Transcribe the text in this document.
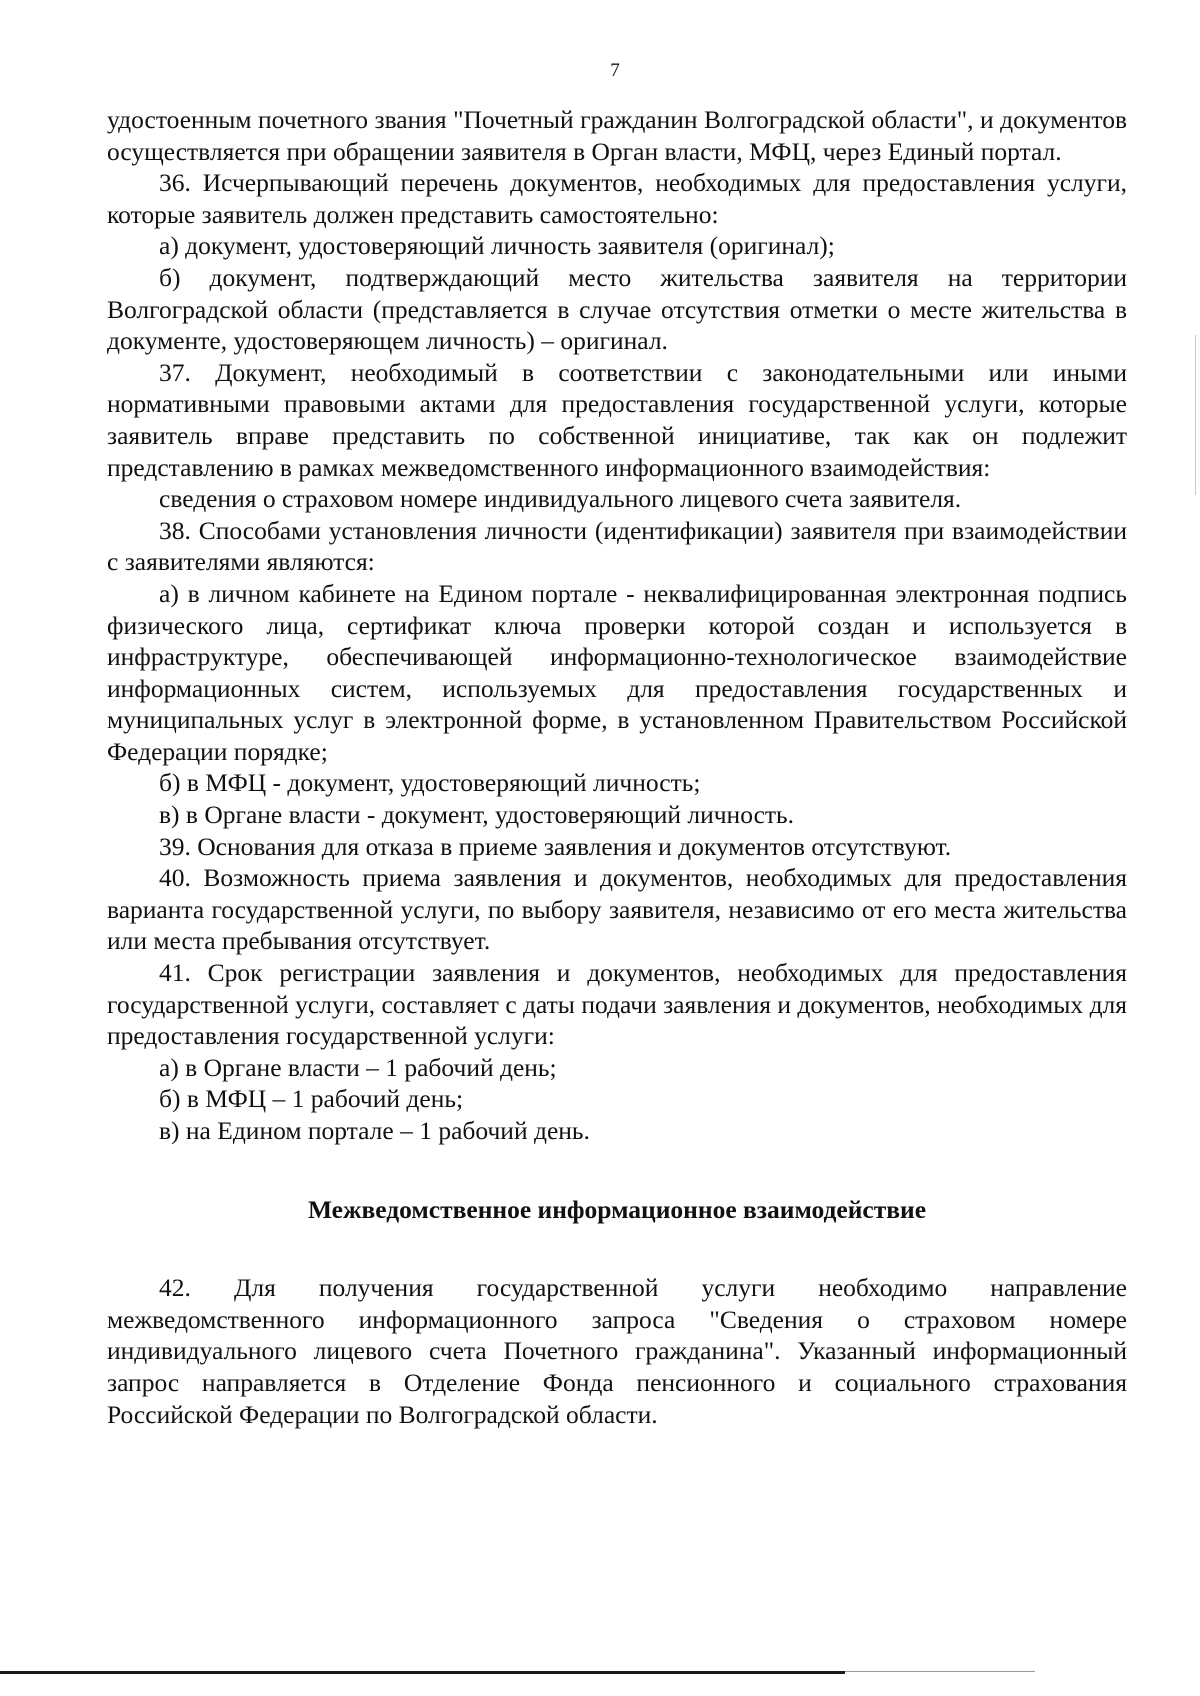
7

удостоенным почетного звания "Почетный гражданин Волгоградской области", и документов осуществляется при обращении заявителя в Орган власти, МФЦ, через Единый портал.

36. Исчерпывающий перечень документов, необходимых для предоставления услуги, которые заявитель должен представить самостоятельно:

а) документ, удостоверяющий личность заявителя (оригинал);

б) документ, подтверждающий место жительства заявителя на территории Волгоградской области (представляется в случае отсутствия отметки о месте жительства в документе, удостоверяющем личность) – оригинал.

37. Документ, необходимый в соответствии с законодательными или иными нормативными правовыми актами для предоставления государственной услуги, которые заявитель вправе представить по собственной инициативе, так как он подлежит представлению в рамках межведомственного информационного взаимодействия:

сведения о страховом номере индивидуального лицевого счета заявителя.

38. Способами установления личности (идентификации) заявителя при взаимодействии с заявителями являются:

а) в личном кабинете на Едином портале - неквалифицированная электронная подпись физического лица, сертификат ключа проверки которой создан и используется в инфраструктуре, обеспечивающей информационно-технологическое взаимодействие информационных систем, используемых для предоставления государственных и муниципальных услуг в электронной форме, в установленном Правительством Российской Федерации порядке;

б) в МФЦ - документ, удостоверяющий личность;

в) в Органе власти - документ, удостоверяющий личность.

39. Основания для отказа в приеме заявления и документов отсутствуют.

40. Возможность приема заявления и документов, необходимых для предоставления варианта государственной услуги, по выбору заявителя, независимо от его места жительства или места пребывания отсутствует.

41. Срок регистрации заявления и документов, необходимых для предоставления государственной услуги, составляет с даты подачи заявления и документов, необходимых для предоставления государственной услуги:

а) в Органе власти – 1 рабочий день;

б) в МФЦ – 1 рабочий день;

в) на Едином портале – 1 рабочий день.

Межведомственное информационное взаимодействие

42. Для получения государственной услуги необходимо направление межведомственного информационного запроса "Сведения о страховом номере индивидуального лицевого счета Почетного гражданина". Указанный информационный запрос направляется в Отделение Фонда пенсионного и социального страхования Российской Федерации по Волгоградской области.
